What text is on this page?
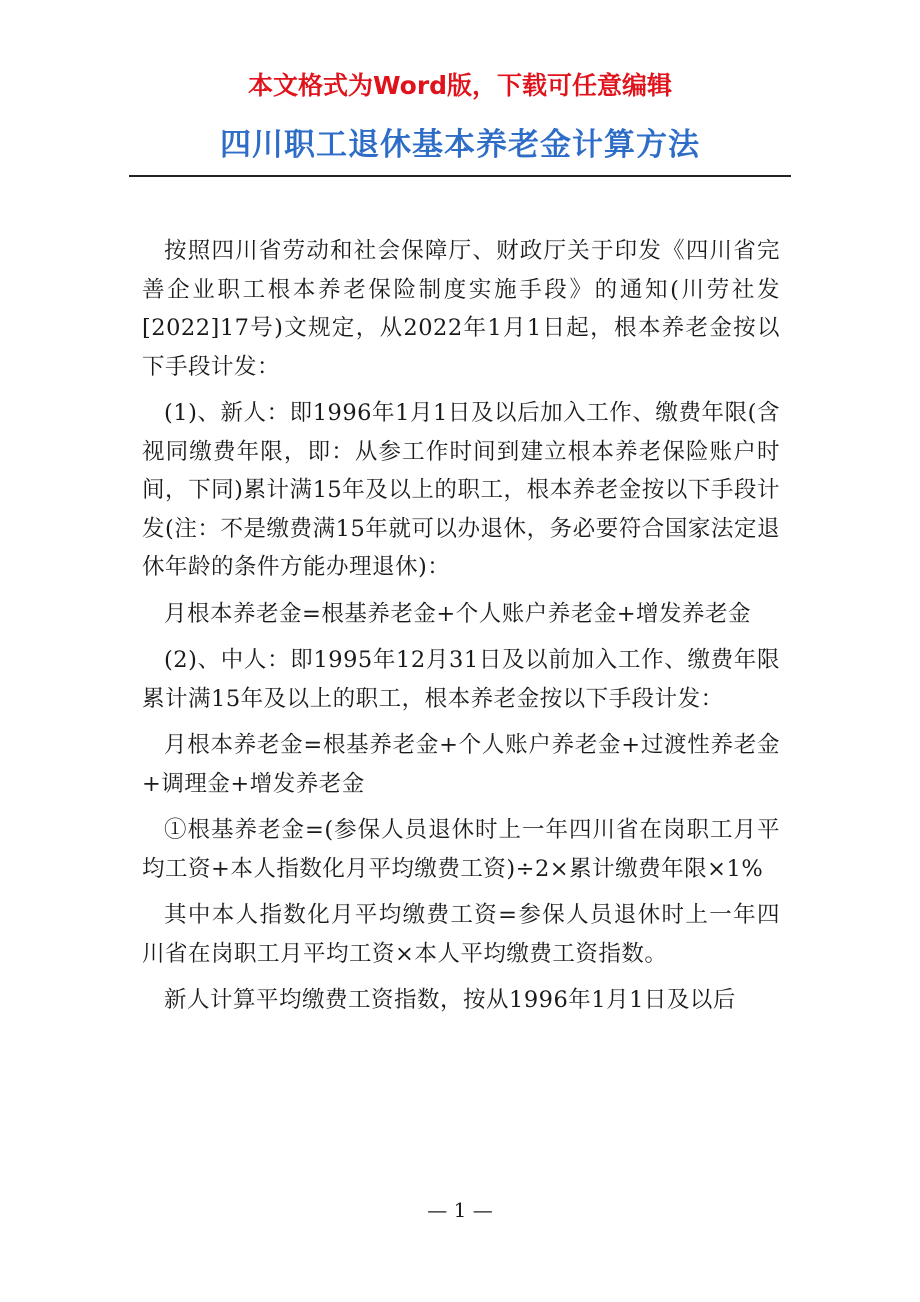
本文格式为Word版，下载可任意编辑
四川职工退休基本养老金计算方法

按照四川省劳动和社会保障厅、财政厅关于印发《四川省完善企业职工根本养老保险制度实施手段》的通知(川劳社发[2022]17号)文规定，从2022年1月1日起，根本养老金按以下手段计发：

(1)、新人：即1996年1月1日及以后加入工作、缴费年限(含视同缴费年限，即：从参工作时间到建立根本养老保险账户时间，下同)累计满15年及以上的职工，根本养老金按以下手段计发(注：不是缴费满15年就可以办退休，务必要符合国家法定退休年龄的条件方能办理退休)：

月根本养老金=根基养老金+个人账户养老金+增发养老金

(2)、中人：即1995年12月31日及以前加入工作、缴费年限累计满15年及以上的职工，根本养老金按以下手段计发：

月根本养老金=根基养老金+个人账户养老金+过渡性养老金+调理金+增发养老金

①根基养老金=(参保人员退休时上一年四川省在岗职工月平均工资+本人指数化月平均缴费工资)÷2×累计缴费年限×1%

其中本人指数化月平均缴费工资=参保人员退休时上一年四川省在岗职工月平均工资×本人平均缴费工资指数。

新人计算平均缴费工资指数，按从1996年1月1日及以后

— 1 —
